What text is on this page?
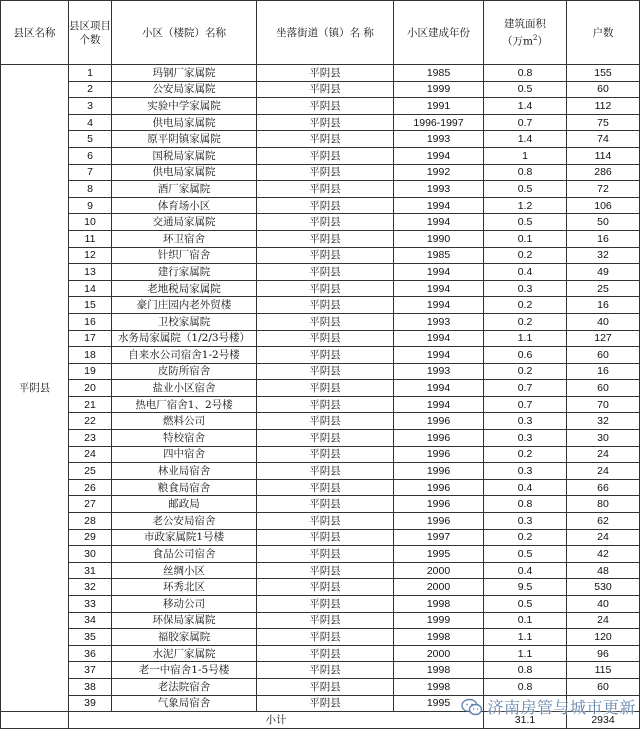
县区名称	县区项目个数	小区（楼院）名称	坐落街道（镇）名 称	小区建成年份	建筑面积
（万$m^2$）	户数
平阴县	1	玛钢厂家属院	平阴县	1985	0.8	155
	2	公安局家属院	平阴县	1999	0.5	60
	3	实验中学家属院	平阴县	1991	1.4	112
	4	供电局家属院	平阴县	1996-1997	0.7	75
	5	原平阴镇家属院	平阴县	1993	1.4	74
	6	国税局家属院	平阴县	1994	1	114
	7	供电局家属院	平阴县	1992	0.8	286
	8	酒厂家属院	平阴县	1993	0.5	72
	9	体育场小区	平阴县	1994	1.2	106
	10	交通局家属院	平阴县	1994	0.5	50
	11	环卫宿舍	平阴县	1990	0.1	16
	12	针织厂宿舍	平阴县	1985	0.2	32
	13	建行家属院	平阴县	1994	0.4	49
	14	老地税局家属院	平阴县	1994	0.3	25
	15	豪门庄园内老外贸楼	平阴县	1994	0.2	16
	16	卫校家属院	平阴县	1993	0.2	40
	17	水务局家属院（1/2/3号楼）	平阴县	1994	1.1	127
	18	自来水公司宿舍1-2号楼	平阴县	1994	0.6	60
	19	皮防所宿舍	平阴县	1993	0.2	16
	20	盐业小区宿舍	平阴县	1994	0.7	60
	21	热电厂宿舍1、2号楼	平阴县	1994	0.7	70
	22	燃料公司	平阴县	1996	0.3	32
	23	特校宿舍	平阴县	1996	0.3	30
	24	四中宿舍	平阴县	1996	0.2	24
	25	林业局宿舍	平阴县	1996	0.3	24
	26	粮食局宿舍	平阴县	1996	0.4	66
	27	邮政局	平阴县	1996	0.8	80
	28	老公安局宿舍	平阴县	1996	0.3	62
	29	市政家属院1号楼	平阴县	1997	0.2	24
	30	食品公司宿舍	平阴县	1995	0.5	42
	31	丝绸小区	平阴县	2000	0.4	48
	32	环秀北区	平阴县	2000	9.5	530
	33	移动公司	平阴县	1998	0.5	40
	34	环保局家属院	平阴县	1999	0.1	24
	35	福胶家属院	平阴县	1998	1.1	120
	36	水泥厂家属院	平阴县	2000	1.1	96
	37	老一中宿舍1-5号楼	平阴县	1998	0.8	115
	38	老法院宿舍	平阴县	1998	0.8	60
	39	气象局宿舍	平阴县	1995		
	小计				31.1	2934
济南房管与城市更新
